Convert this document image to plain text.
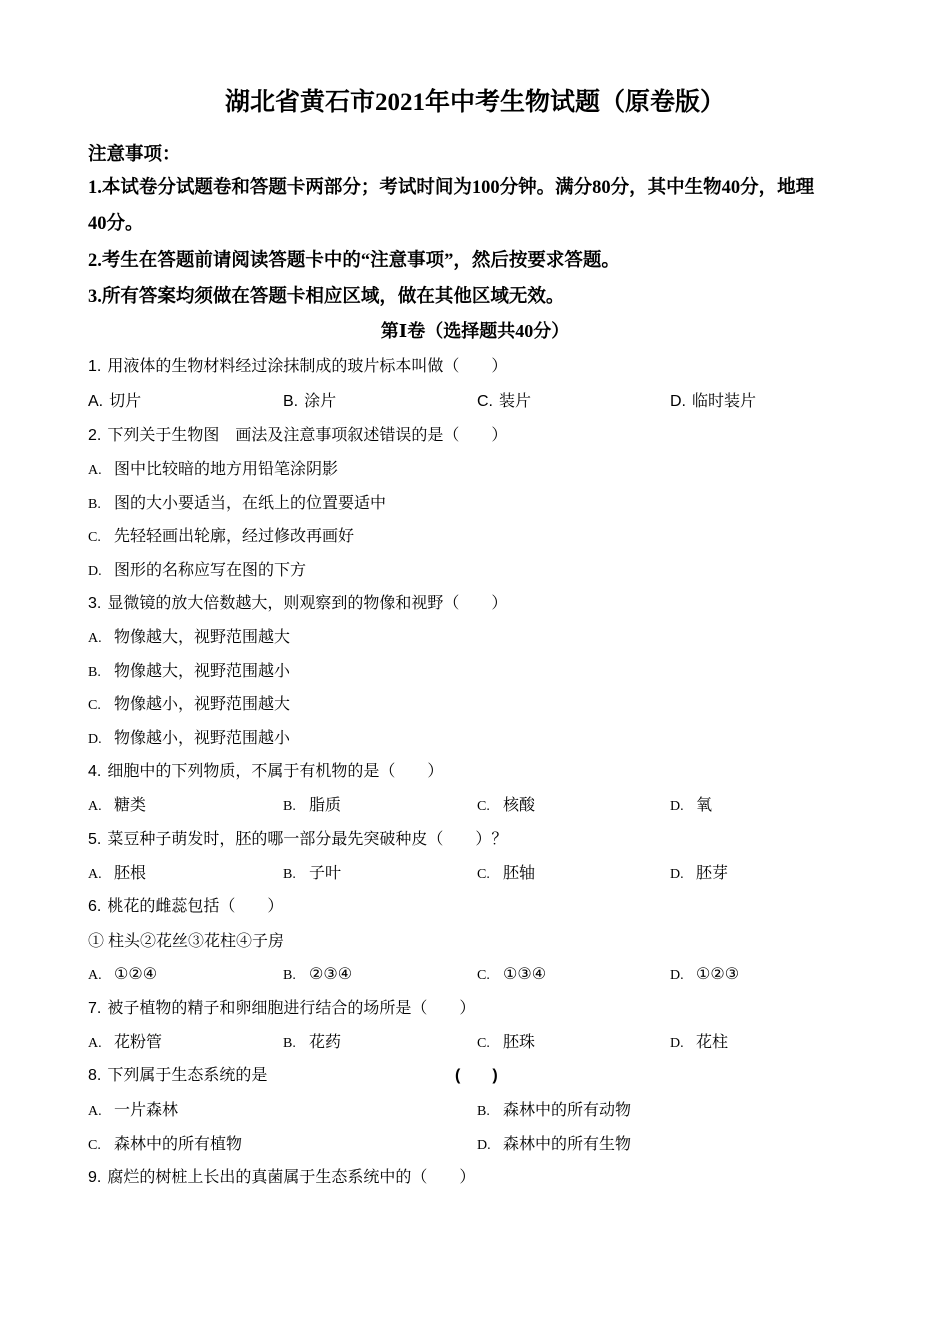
湖北省黄石市2021年中考生物试题（原卷版）
注意事项：
1.本试卷分试题卷和答题卡两部分；考试时间为100分钟。满分80分，其中生物40分，地理
40分。
2.考生在答题前请阅读答题卡中的“注意事项”，然后按要求答题。
3.所有答案均须做在答题卡相应区域，做在其他区域无效。
第Ⅰ卷（选择题共40分）
1. 用液体的生物材料经过涂抹制成的玻片标本叫做（　　）
A. 切片	B. 涂片	C. 装片	D. 临时装片
2. 下列关于生物图　画法及注意事项叙述错误的是（　　）
A. 图中比较暗的地方用铅笔涂阴影
B. 图的大小要适当，在纸上的位置要适中
C. 先轻轻画出轮廓，经过修改再画好
D. 图形的名称应写在图的下方
3. 显微镜的放大倍数越大，则观察到的物像和视野（　　）
A. 物像越大，视野范围越大
B. 物像越大，视野范围越小
C. 物像越小，视野范围越大
D. 物像越小，视野范围越小
4. 细胞中的下列物质，不属于有机物的是（　　）
A. 糖类	B. 脂质	C. 核酸	D. 氧
5. 菜豆种子萌发时，胚的哪一部分最先突破种皮（　　）？
A. 胚根	B. 子叶	C. 胚轴	D. 胚芽
6. 桃花的雌蕊包括（　　）
① 柱头②花丝③花柱④子房
A. ①②④	B. ②③④	C. ①③④	D. ①②③
7. 被子植物的精子和卵细胞进行结合的场所是（　　）
A. 花粉管	B. 花药	C. 胚珠	D. 花柱
8. 下列属于生态系统的是	(　　)
A. 一片森林	B. 森林中的所有动物
C. 森林中的所有植物	D. 森林中的所有生物
9. 腐烂的树桩上长出的真菌属于生态系统中的（　　）
